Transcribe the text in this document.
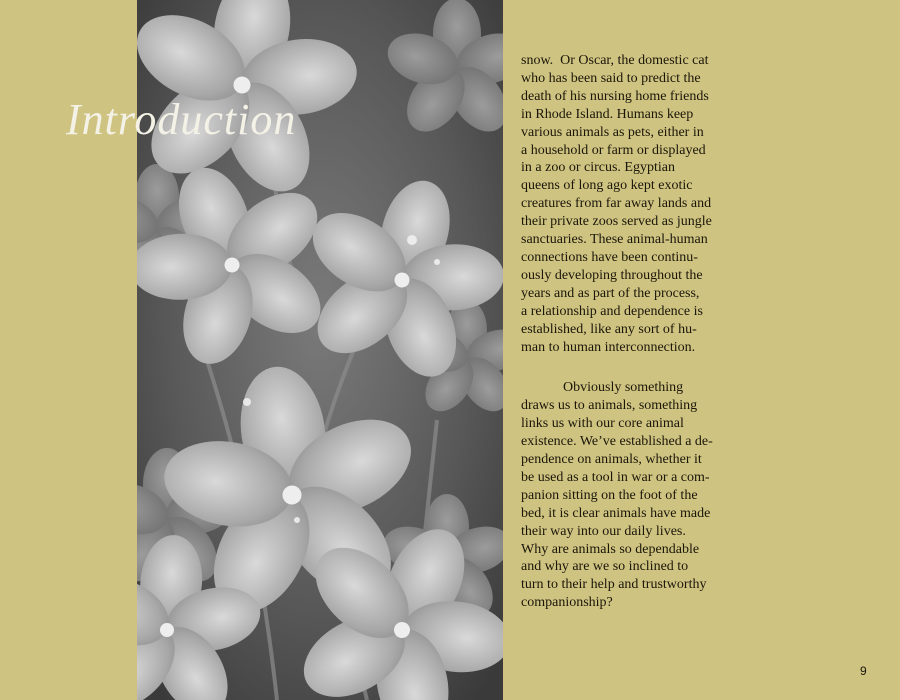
Introduction
snow.  Or Oscar, the domestic cat
who has been said to predict the
death of his nursing home friends
in Rhode Island. Humans keep
various animals as pets, either in
a household or farm or displayed
in a zoo or circus. Egyptian
queens of long ago kept exotic
creatures from far away lands and
their private zoos served as jungle
sanctuaries. These animal-human
connections have been continu-
ously developing throughout the
years and as part of the process,
a relationship and dependence is
established, like any sort of hu-
man to human interconnection.
Obviously something
draws us to animals, something
links us with our core animal
existence. We’ve established a de-
pendence on animals, whether it
be used as a tool in war or a com-
panion sitting on the foot of the
bed, it is clear animals have made
their way into our daily lives.
Why are animals so dependable
and why are we so inclined to
turn to their help and trustworthy
companionship?
9
